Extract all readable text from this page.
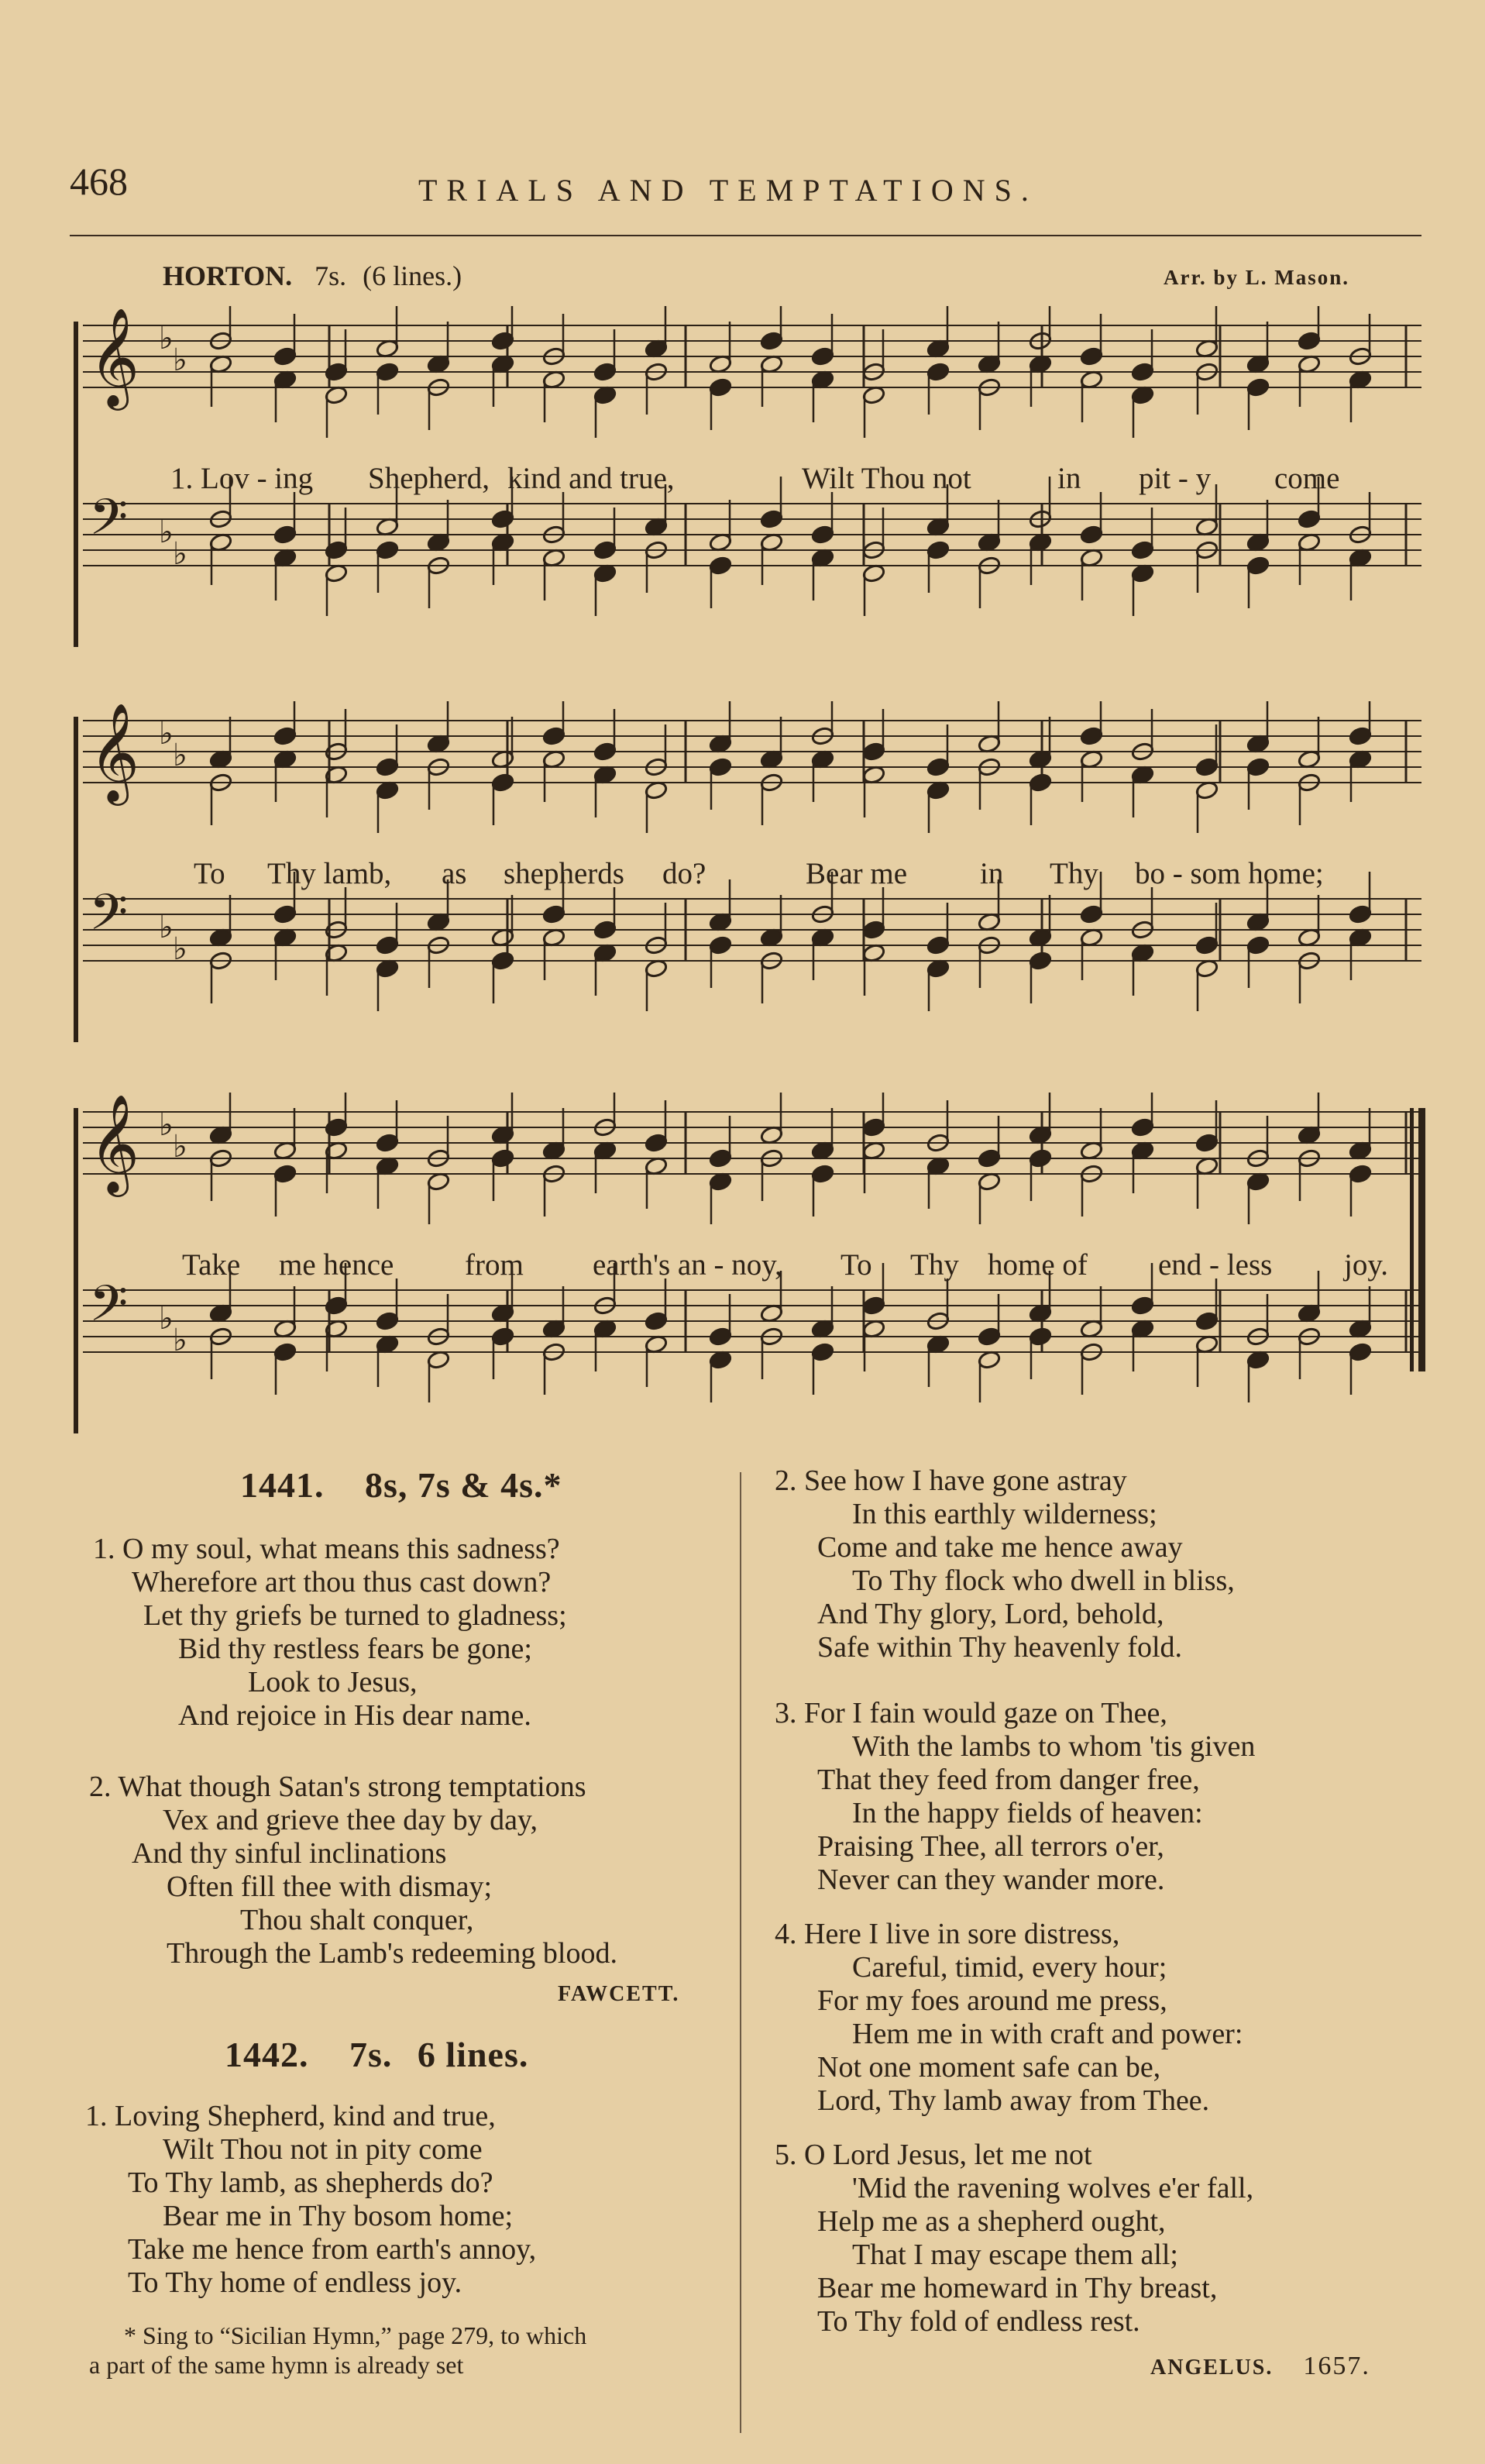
468	TRIALS AND TEMPTATIONS.
HORTON. 7s. (6 lines.)	Arr. by L. Mason.
𝄞 ♭
♭
𝄢 ♭
♭
1. Lov - ing Shepherd, kind and true,	Wilt Thou not	in pit - y come
𝄞 ♭
♭
𝄢 ♭
♭
To Thy lamb, as shepherds do?	Bear me in Thy bo - som home;
𝄞 ♭
♭
𝄢 ♭
♭
Take me hence from earth's an - noy, To Thy home of end - less joy.
1441. 8s, 7s & 4s.*
1. O my soul, what means this sadness?
Wherefore art thou thus cast down?
Let thy griefs be turned to gladness;
Bid thy restless fears be gone;
Look to Jesus,
And rejoice in His dear name.
2. What though Satan's strong temptations
Vex and grieve thee day by day,
And thy sinful inclinations
Often fill thee with dismay;
Thou shalt conquer,
Through the Lamb's redeeming blood.
FAWCETT.
1442. 7s. 6 lines.
1. Loving Shepherd, kind and true,
Wilt Thou not in pity come
To Thy lamb, as shepherds do?
Bear me in Thy bosom home;
Take me hence from earth's annoy,
To Thy home of endless joy.
* Sing to “Sicilian Hymn,” page 279, to which
a part of the same hymn is already set
2. See how I have gone astray
In this earthly wilderness;
Come and take me hence away
To Thy flock who dwell in bliss,
And Thy glory, Lord, behold,
Safe within Thy heavenly fold.
3. For I fain would gaze on Thee,
With the lambs to whom 'tis given
That they feed from danger free,
In the happy fields of heaven:
Praising Thee, all terrors o'er,
Never can they wander more.
4. Here I live in sore distress,
Careful, timid, every hour;
For my foes around me press,
Hem me in with craft and power:
Not one moment safe can be,
Lord, Thy lamb away from Thee.
5. O Lord Jesus, let me not
'Mid the ravening wolves e'er fall,
Help me as a shepherd ought,
That I may escape them all;
Bear me homeward in Thy breast,
To Thy fold of endless rest.
ANGELUS. 1657.
